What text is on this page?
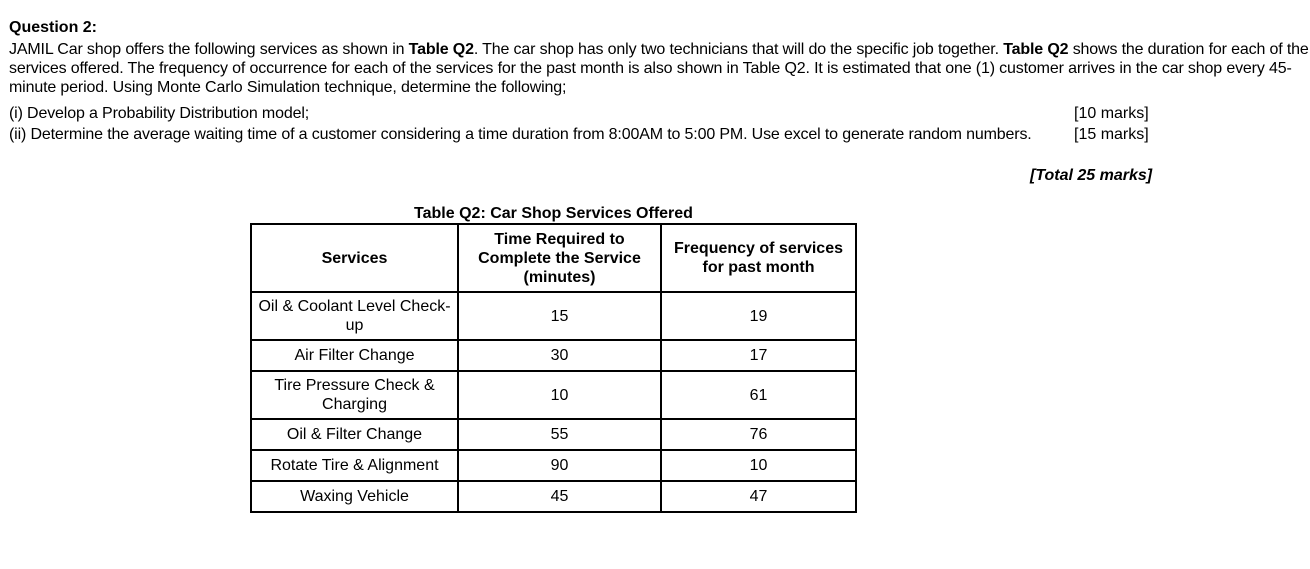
Question 2:
JAMIL Car shop offers the following services as shown in Table Q2. The car shop has only two technicians that will do the specific job together. Table Q2 shows the duration for each of the
services offered. The frequency of occurrence for each of the services for the past month is also shown in Table Q2. It is estimated that one (1) customer arrives in the car shop every 45-
minute period. Using Monte Carlo Simulation technique, determine the following;
(i) Develop a Probability Distribution model;	[10 marks]
(ii) Determine the average waiting time of a customer considering a time duration from 8:00AM to 5:00 PM. Use excel to generate random numbers.	[15 marks]
[Total 25 marks]
Table Q2: Car Shop Services Offered
Services	Time Required to Complete the Service (minutes)	Frequency of services for past month

Oil & Coolant Level Check-up	15	19

Air Filter Change	30	17

Tire Pressure Check & Charging	10	61

Oil & Filter Change	55	76

Rotate Tire & Alignment	90	10

Waxing Vehicle	45	47
